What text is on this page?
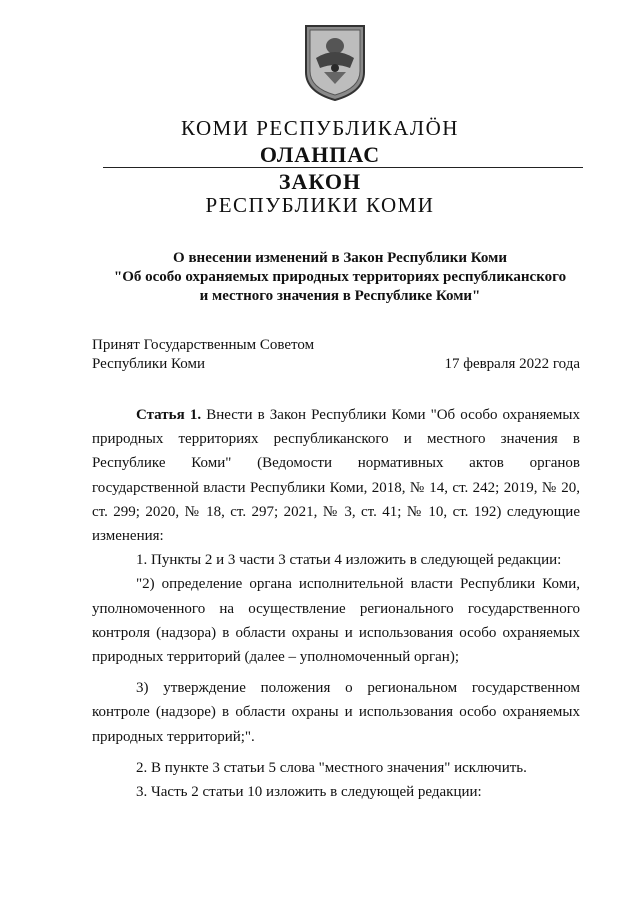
КОМИ РЕСПУБЛИКАЛӦН
ОЛАНПАС
ЗАКОН
РЕСПУБЛИКИ КОМИ
О внесении изменений в Закон Республики Коми
"Об особо охраняемых природных территориях республиканского
и местного значения в Республике Коми"
Принят Государственным Советом
Республики Коми	17 февраля 2022 года

Статья 1. Внести в Закон Республики Коми "Об особо охраняемых природных территориях республиканского и местного значения в Республике Коми" (Ведомости нормативных актов органов государственной власти Республики Коми, 2018, № 14, ст. 242; 2019, № 20, ст. 299; 2020, № 18, ст. 297; 2021, № 3, ст. 41; № 10, ст. 192) следующие изменения:

1. Пункты 2 и 3 части 3 статьи 4 изложить в следующей редакции:

"2) определение органа исполнительной власти Республики Коми, уполномоченного на осуществление регионального государственного контроля (надзора) в области охраны и использования особо охраняемых природных территорий (далее – уполномоченный орган);

3) утверждение положения о региональном государственном контроле (надзоре) в области охраны и использования особо охраняемых природных территорий;".

2. В пункте 3 статьи 5 слова "местного значения" исключить.

3. Часть 2 статьи 10 изложить в следующей редакции:
